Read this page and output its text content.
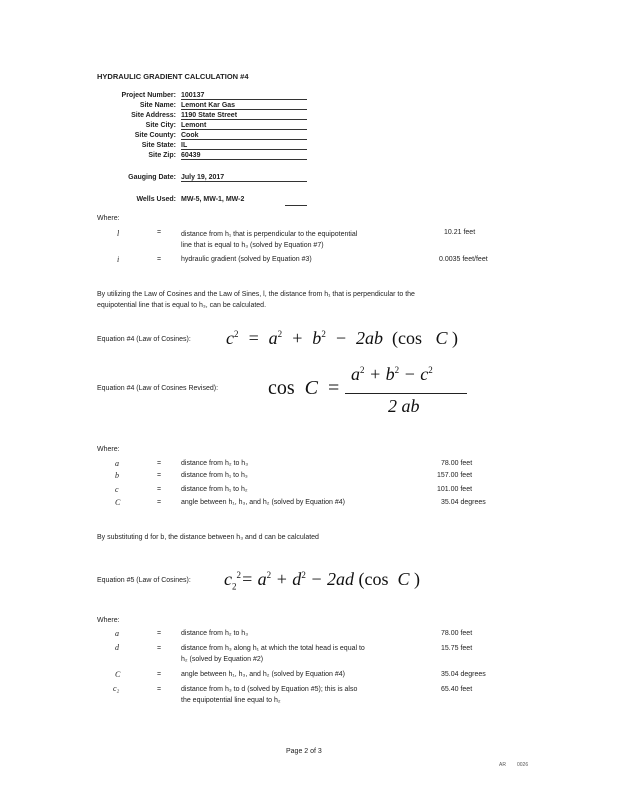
HYDRAULIC GRADIENT CALCULATION #4
Project Number: 100137
Site Name: Lemont Kar Gas
Site Address: 1190 State Street
Site City: Lemont
Site County: Cook
Site State: IL
Site Zip: 60439
Gauging Date: July 19, 2017
Wells Used: MW-5, MW-1, MW-2
Where:
l	=	distance from h₁ that is perpendicular to the equipotential
line that is equal to h₃ (solved by Equation #7)
10.21 feet
i	=	hydraulic gradient (solved by Equation #3)	0.0035 feet/feet
By utilizing the Law of Cosines and the Law of Sines, l, the distance from h₁ that is perpendicular to the
equipotential line that is equal to h₃, can be calculated.
Equation #4 (Law of Cosines): $c^2 = a^2 + b^2 - 2ab$ (cos   C )
Equation #4 (Law of Cosines Revised): cos  C  =
$a^2 + b^2 - c^2$
2 ab
Where:
a	=	distance from h₂ to h₃	78.00 feet
b	=	distance from h₁ to h₃	157.00 feet
c	=	distance from h₁ to h₂	101.00 feet
C	=	angle between h₁, h₃, and h₂ (solved by Equation #4)	35.04 degrees
By substituting d for b, the distance between h₃ and d can be calculated
Equation #5 (Law of Cosines): $c_2^2= a^2 + d^2 - 2ad$ (cos  C )
Where:
a	=	distance from h₂ to h₃	78.00 feet
d	=	distance from h₃ along h₁ at which the total head is equal to
h₂ (solved by Equation #2)
15.75 feet
C	=	angle between h₁, h₃, and h₂ (solved by Equation #4)	35.04 degrees
c₂	=	distance from h₃ to d (solved by Equation #5); this is also
the equipotential line equal to h₂
65.40 feet
Page 2 of 3
AR 0026
